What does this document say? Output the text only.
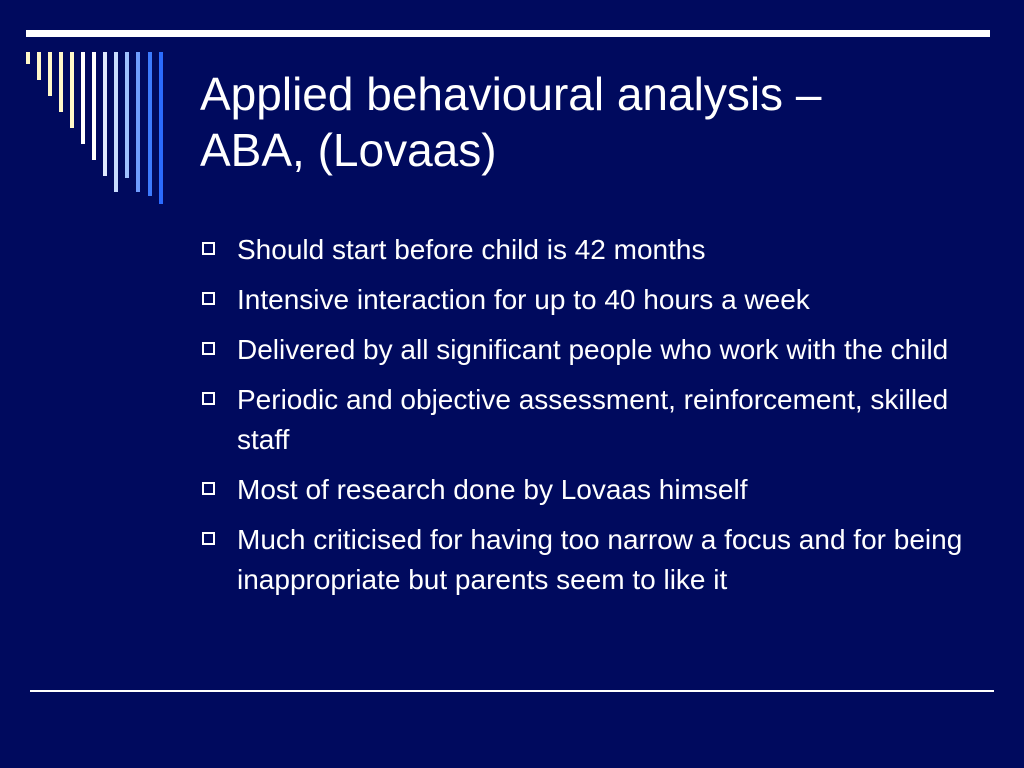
Applied behavioural analysis –
ABA, (Lovaas)
Should start before child is 42 months
Intensive interaction for up to 40 hours a week
Delivered by all significant people who work with the child
Periodic and objective assessment, reinforcement, skilled staff
Most of research done by Lovaas himself
Much criticised for having too narrow a focus and for being inappropriate but parents seem to like it
